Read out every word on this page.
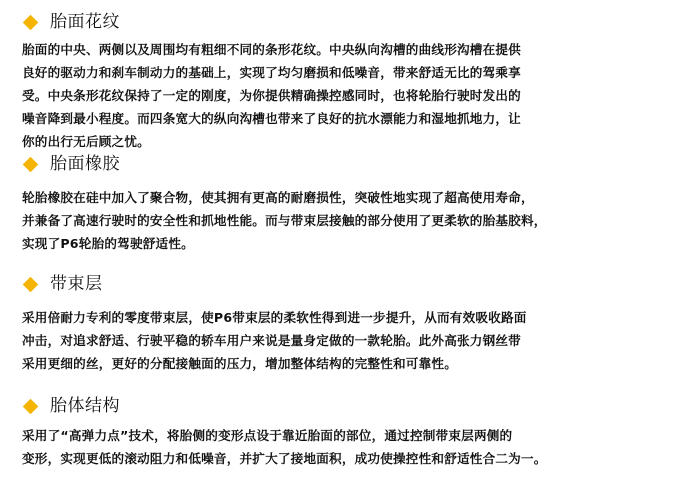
胎面花纹
胎面的中央、两侧以及周围均有粗细不同的条形花纹。中央纵向沟槽的曲线形沟槽在提供
良好的驱动力和刹车制动力的基础上，实现了均匀磨损和低噪音，带来舒适无比的驾乘享
受。中央条形花纹保持了一定的刚度，为你提供精确操控感同时，也将轮胎行驶时发出的
噪音降到最小程度。而四条宽大的纵向沟槽也带来了良好的抗水漂能力和湿地抓地力，让
你的出行无后顾之忧。
胎面橡胶
轮胎橡胶在硅中加入了聚合物，使其拥有更高的耐磨损性，突破性地实现了超高使用寿命，
并兼备了高速行驶时的安全性和抓地性能。而与带束层接触的部分使用了更柔软的胎基胶料，
实现了P6轮胎的驾驶舒适性。
带束层
采用倍耐力专利的零度带束层，使P6带束层的柔软性得到进一步提升，从而有效吸收路面
冲击，对追求舒适、行驶平稳的轿车用户来说是量身定做的一款轮胎。此外高张力钢丝带
采用更细的丝，更好的分配接触面的压力，增加整体结构的完整性和可靠性。
胎体结构
采用了“高弹力点”技术，将胎侧的变形点设于靠近胎面的部位，通过控制带束层两侧的
变形，实现更低的滚动阻力和低噪音，并扩大了接地面积，成功使操控性和舒适性合二为一。
